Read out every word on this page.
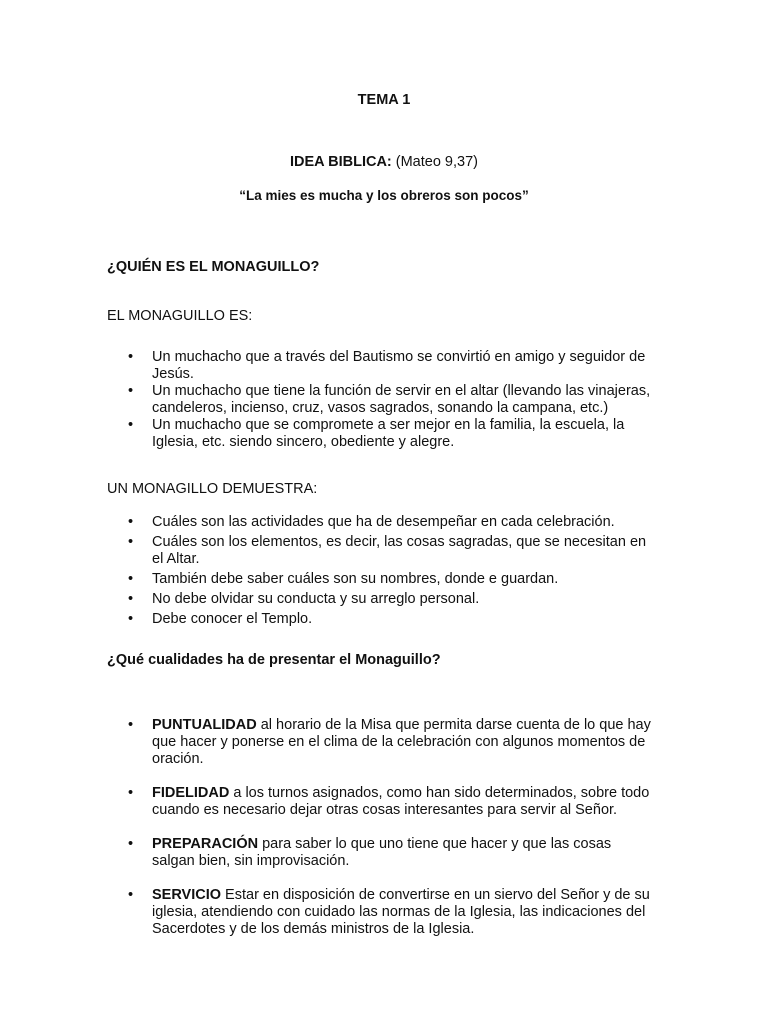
TEMA 1
IDEA BIBLICA: (Mateo 9,37)
“La mies es mucha y los obreros son pocos”
¿QUIÉN ES EL MONAGUILLO?
EL MONAGUILLO ES:
• Un muchacho que a través del Bautismo se convirtió en amigo y seguidor de Jesús.
• Un muchacho que tiene la función de servir en el altar (llevando las vinajeras, candeleros, incienso, cruz, vasos sagrados, sonando la campana, etc.)
• Un muchacho que se compromete a ser mejor en la familia, la escuela, la Iglesia, etc. siendo sincero, obediente y alegre.
UN MONAGILLO DEMUESTRA:
• Cuáles son las actividades que ha de desempeñar en cada celebración.
• Cuáles son los elementos, es decir, las cosas sagradas, que se necesitan en el Altar.
• También debe saber cuáles son su nombres, donde e guardan.
• No debe olvidar su conducta y su arreglo personal.
• Debe conocer el Templo.
¿Qué cualidades ha de presentar el Monaguillo?
• PUNTUALIDAD al horario de la Misa que permita darse cuenta de lo que hay que hacer y ponerse en el clima de la celebración con algunos momentos de oración.
• FIDELIDAD a los turnos asignados, como han sido determinados, sobre todo cuando es necesario dejar otras cosas interesantes para servir al Señor.
• PREPARACIÓN para saber lo que uno tiene que hacer y que las cosas salgan bien, sin improvisación.
• SERVICIO Estar en disposición de convertirse en un siervo del Señor y de su iglesia, atendiendo con cuidado las normas de la Iglesia, las indicaciones del Sacerdotes y de los demás ministros de la Iglesia.
